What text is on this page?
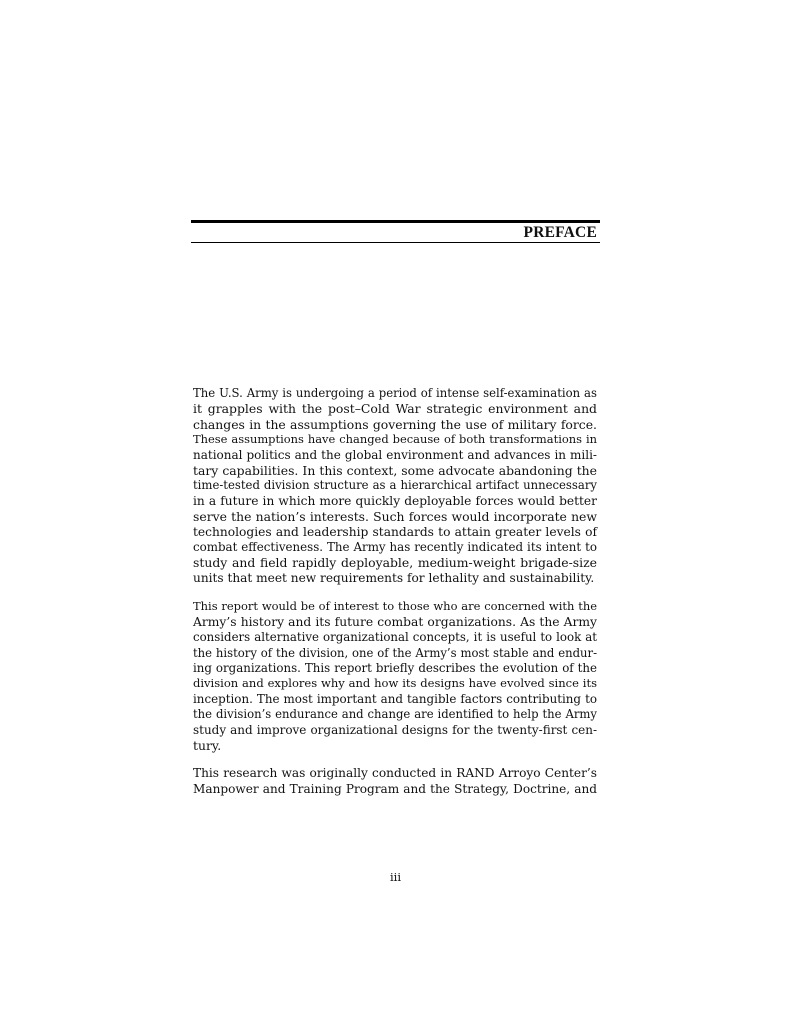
PREFACE

The U.S. Army is undergoing a period of intense self-examination as
it grapples with the post–Cold War strategic environment and
changes in the assumptions governing the use of military force.
These assumptions have changed because of both transformations in
national politics and the global environment and advances in mili-
tary capabilities. In this context, some advocate abandoning the
time-tested division structure as a hierarchical artifact unnecessary
in a future in which more quickly deployable forces would better
serve the nation’s interests. Such forces would incorporate new
technologies and leadership standards to attain greater levels of
combat effectiveness. The Army has recently indicated its intent to
study and field rapidly deployable, medium-weight brigade-size
units that meet new requirements for lethality and sustainability.

This report would be of interest to those who are concerned with the
Army’s history and its future combat organizations. As the Army
considers alternative organizational concepts, it is useful to look at
the history of the division, one of the Army’s most stable and endur-
ing organizations. This report briefly describes the evolution of the
division and explores why and how its designs have evolved since its
inception. The most important and tangible factors contributing to
the division’s endurance and change are identified to help the Army
study and improve organizational designs for the twenty-first cen-
tury.

This research was originally conducted in RAND Arroyo Center’s
Manpower and Training Program and the Strategy, Doctrine, and

iii
